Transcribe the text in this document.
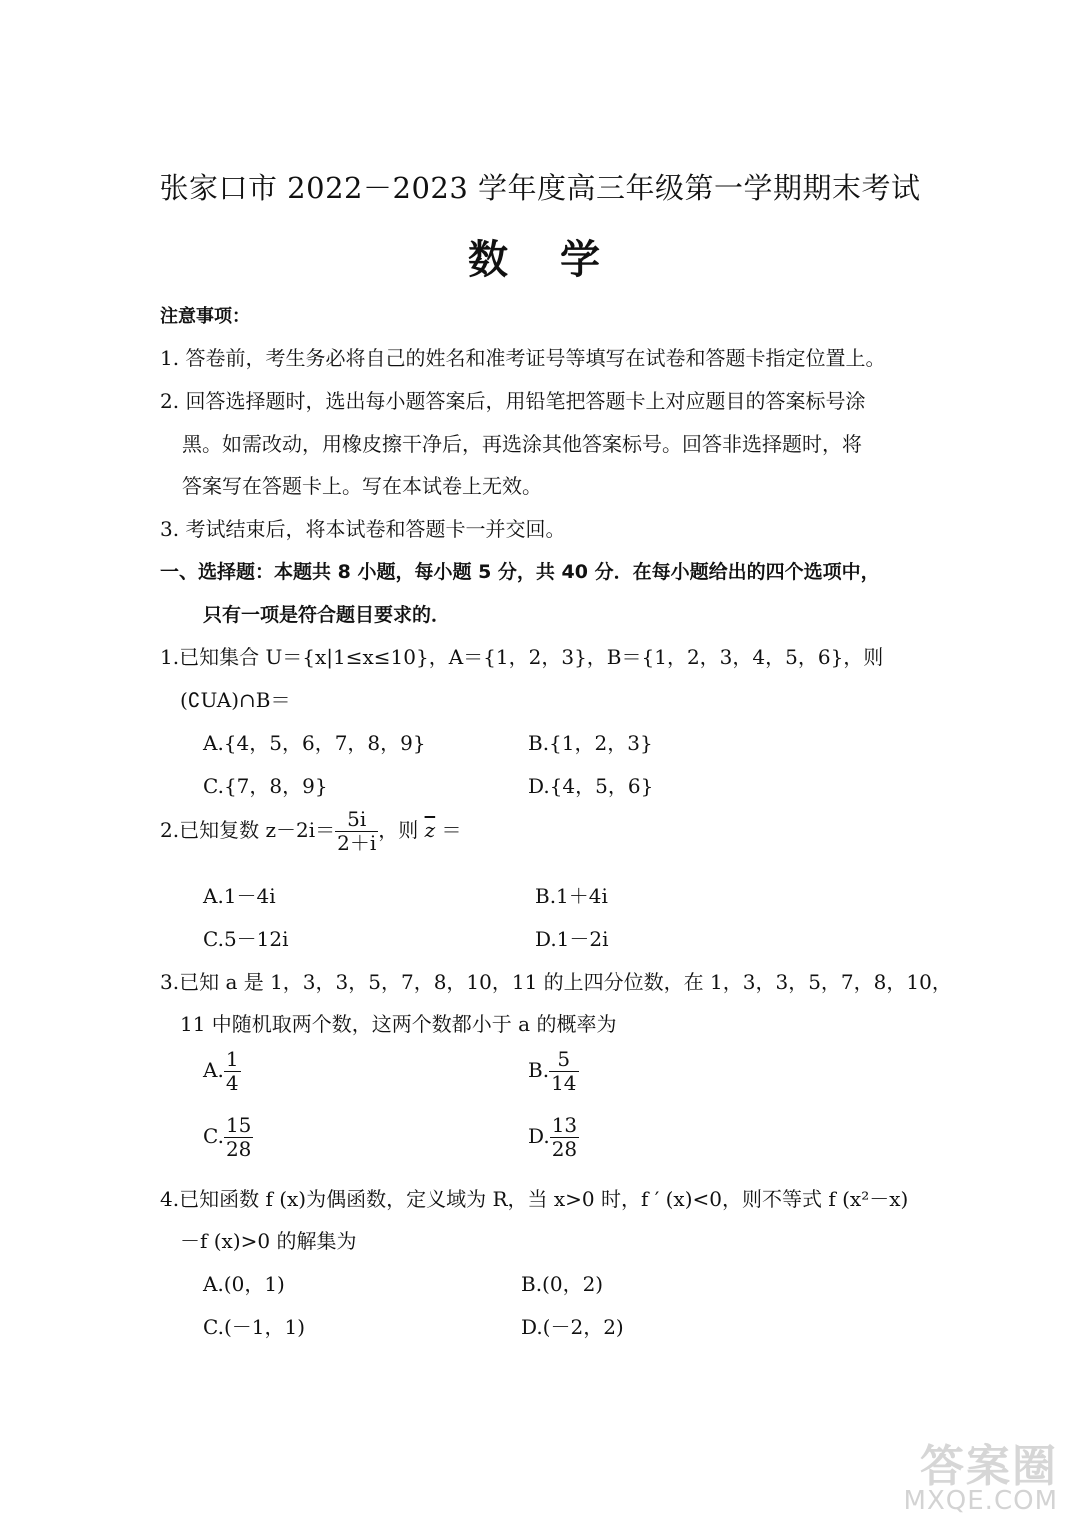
张家口市 2022－2023 学年度高三年级第一学期期末考试
数学
注意事项：
1. 答卷前，考生务必将自己的姓名和准考证号等填写在试卷和答题卡指定位置上。
2. 回答选择题时，选出每小题答案后，用铅笔把答题卡上对应题目的答案标号涂
黑。如需改动，用橡皮擦干净后，再选涂其他答案标号。回答非选择题时，将
答案写在答题卡上。写在本试卷上无效。
3. 考试结束后，将本试卷和答题卡一并交回。
一、选择题：本题共 8 小题，每小题 5 分，共 40 分．在每小题给出的四个选项中，
只有一项是符合题目要求的．
1.已知集合 U＝{x|1≤x≤10}，A＝{1，2，3}，B＝{1，2，3，4，5，6}，则
(∁UA)∩B＝
A.{4，5，6，7，8，9}	B.{1，2，3}
C.{7，8，9}	D.{4，5，6}
2.已知复数 $z-2i= \frac{5i}{2+i}$ ，则 $\overline{z}$ ＝
A.1－4i	B.1＋4i
C.5－12i	D.1－2i
3.已知 a 是 1，3，3，5，7，8，10，11 的上四分位数，在 1，3，3，5，7，8，10，
11 中随机取两个数，这两个数都小于 a 的概率为
A. $\frac{1}{4}$	B. $\frac{5}{14}$
C. $\frac{15}{28}$	D. $\frac{13}{28}$
4.已知函数 f (x)为偶函数，定义域为 R，当 x>0 时，f ′ (x)<0，则不等式 f (x²－x)
－f (x)>0 的解集为
A.(0，1)	B.(0，2)
C.(－1，1)	D.(－2，2)
答案圈
MXQE.COM
